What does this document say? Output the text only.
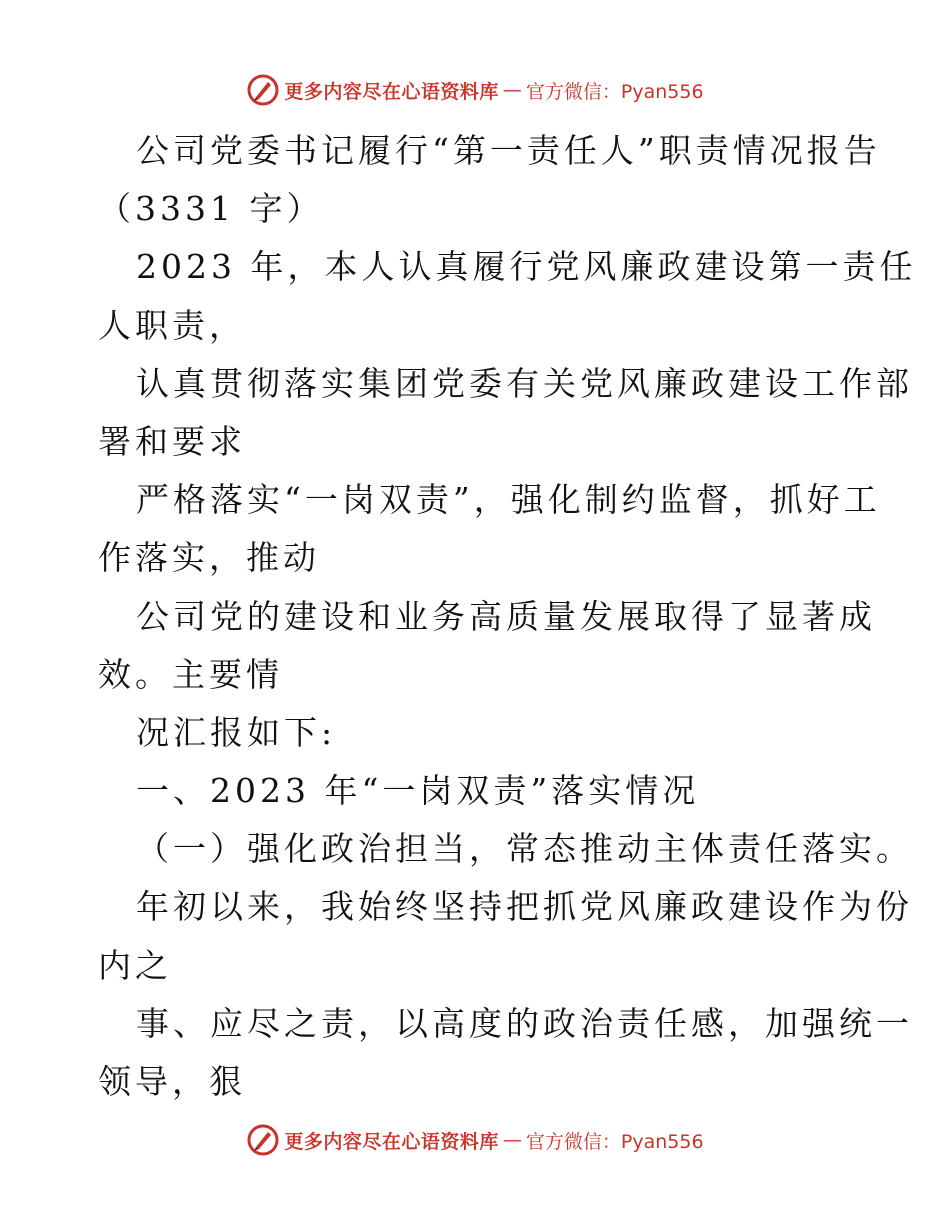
更多内容尽在心语资料库 — 官方微信：Pyan556
公司党委书记履行“第一责任人”职责情况报告
（3331 字）
2023 年，本人认真履行党风廉政建设第一责任
人职责，
认真贯彻落实集团党委有关党风廉政建设工作部
署和要求
严格落实“一岗双责”，强化制约监督，抓好工
作落实，推动
公司党的建设和业务高质量发展取得了显著成
效。主要情
况汇报如下:
一、2023 年“一岗双责”落实情况
（一）强化政治担当，常态推动主体责任落实。
年初以来，我始终坚持把抓党风廉政建设作为份
内之
事、应尽之责，以高度的政治责任感，加强统一
领导，狠
更多内容尽在心语资料库 — 官方微信：Pyan556
